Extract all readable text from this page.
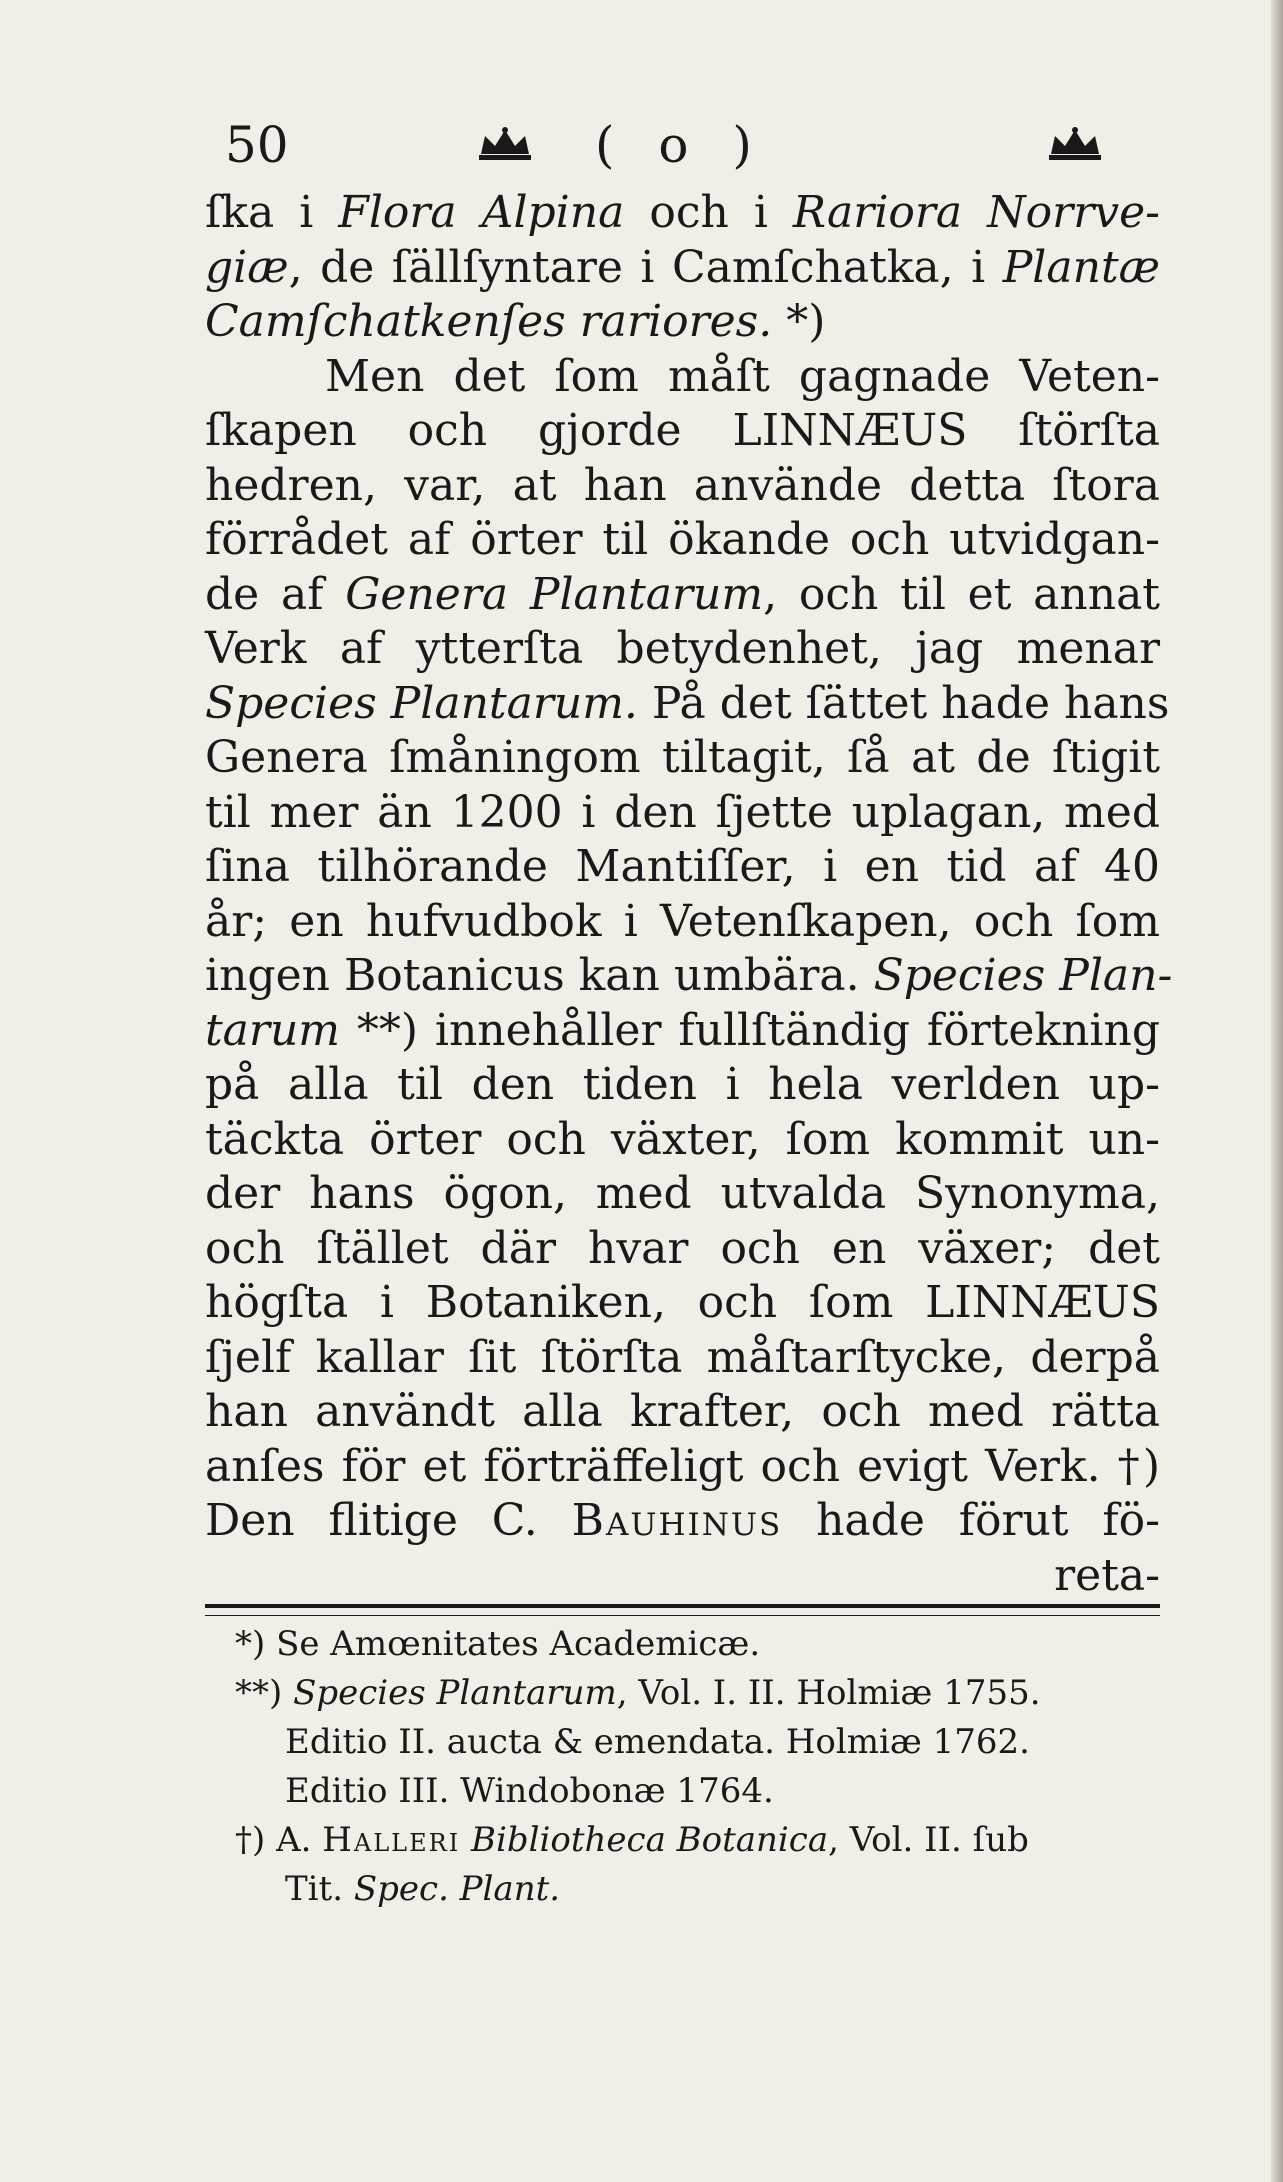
50	( o )
ſka i Flora Alpina och i Rariora Norrve-
giæ, de ſällſyntare i Camſchatka, i Plantæ
Camſchatkenſes rariores. *)
Men det ſom måſt gagnade Veten-
ſkapen och gjorde LINNÆUS ſtörſta
hedren, var, at han använde detta ſtora
förrådet af örter til ökande och utvidgan-
de af Genera Plantarum, och til et annat
Verk af ytterſta betydenhet, jag menar
Species Plantarum. På det ſättet hade hans
Genera ſmåningom tiltagit, ſå at de ſtigit
til mer än 1200 i den ſjette uplagan, med
ſina tilhörande Mantiſſer, i en tid af 40
år; en hufvudbok i Vetenſkapen, och ſom
ingen Botanicus kan umbära. Species Plan-
tarum **) innehåller fullſtändig förtekning
på alla til den tiden i hela verlden up-
täckta örter och växter, ſom kommit un-
der hans ögon, med utvalda Synonyma,
och ſtället där hvar och en växer; det
högſta i Botaniken, och ſom LINNÆUS
ſjelf kallar ſit ſtörſta måſtarſtycke, derpå
han användt alla krafter, och med rätta
anſes för et förträffeligt och evigt Verk. †)
Den flitige C. Bauhinus hade förut fö-
reta-
*) Se Amœnitates Academicæ.
**) Species Plantarum, Vol. I. II. Holmiæ 1755.
Editio II. aucta & emendata. Holmiæ 1762.
Editio III. Windobonæ 1764.
†) A. Halleri Bibliotheca Botanica, Vol. II. ſub
Tit. Spec. Plant.
